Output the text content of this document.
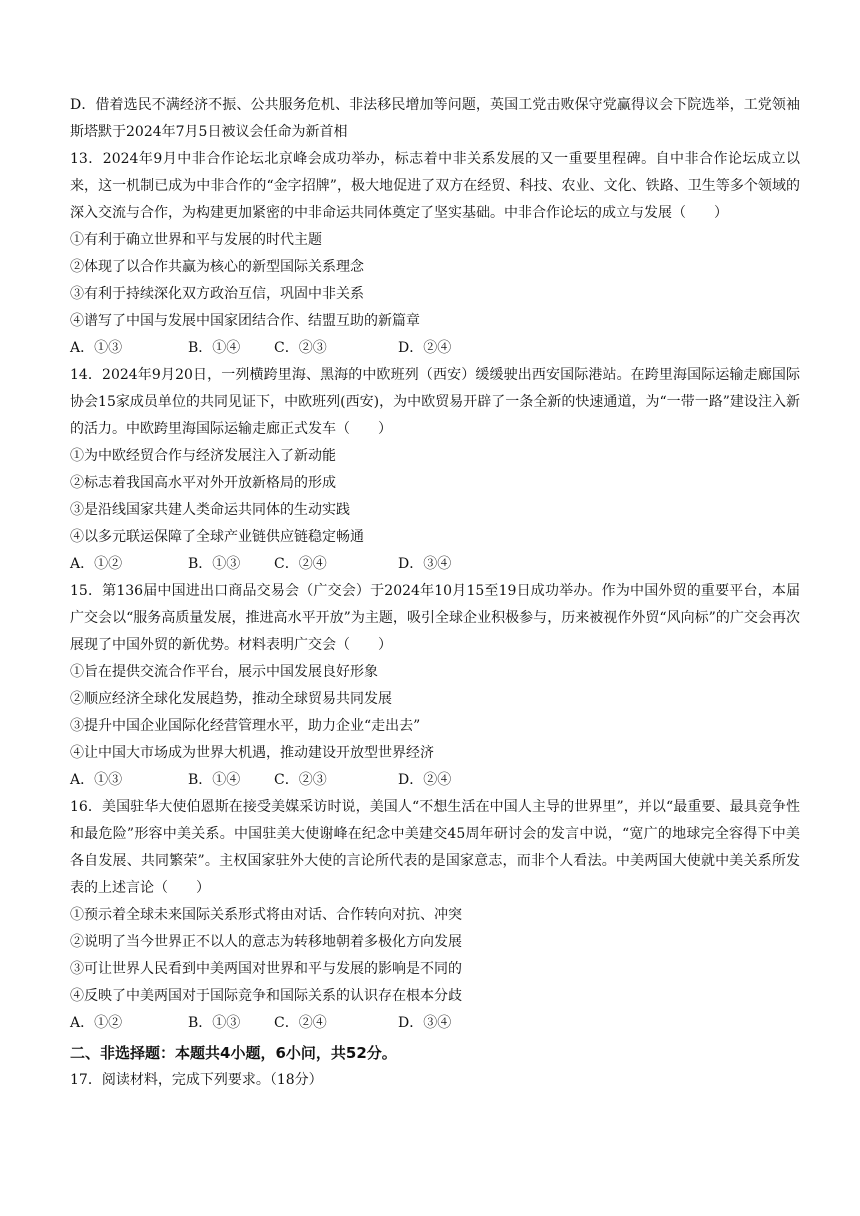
D．借着选民不满经济不振、公共服务危机、非法移民增加等问题，英国工党击败保守党赢得议会下院选举，工党领袖斯塔默于2024年7月5日被议会任命为新首相

13．2024年9月中非合作论坛北京峰会成功举办，标志着中非关系发展的又一重要里程碑。自中非合作论坛成立以来，这一机制已成为中非合作的“金字招牌”，极大地促进了双方在经贸、科技、农业、文化、铁路、卫生等多个领域的深入交流与合作，为构建更加紧密的中非命运共同体奠定了坚实基础。中非合作论坛的成立与发展（　　）

①有利于确立世界和平与发展的时代主题

②体现了以合作共赢为核心的新型国际关系理念

③有利于持续深化双方政治互信，巩固中非关系

④谱写了中国与发展中国家团结合作、结盟互助的新篇章

A．①③	B．①④ C．②③	D．②④

14．2024年9月20日，一列横跨里海、黑海的中欧班列（西安）缓缓驶出西安国际港站。在跨里海国际运输走廊国际协会15家成员单位的共同见证下，中欧班列(西安)，为中欧贸易开辟了一条全新的快速通道，为“一带一路”建设注入新的活力。中欧跨里海国际运输走廊正式发车（　　）

①为中欧经贸合作与经济发展注入了新动能

②标志着我国高水平对外开放新格局的形成

③是沿线国家共建人类命运共同体的生动实践

④以多元联运保障了全球产业链供应链稳定畅通

A．①②	B．①③ C．②④	D．③④

15．第136届中国进出口商品交易会（广交会）于2024年10月15至19日成功举办。作为中国外贸的重要平台，本届广交会以“服务高质量发展，推进高水平开放”为主题，吸引全球企业积极参与，历来被视作外贸“风向标”的广交会再次展现了中国外贸的新优势。材料表明广交会（　　）

①旨在提供交流合作平台，展示中国发展良好形象

②顺应经济全球化发展趋势，推动全球贸易共同发展

③提升中国企业国际化经营管理水平，助力企业“走出去”

④让中国大市场成为世界大机遇，推动建设开放型世界经济

A．①③	B．①④ C．②③	D．②④

16．美国驻华大使伯恩斯在接受美媒采访时说，美国人“不想生活在中国人主导的世界里”，并以“最重要、最具竞争性和最危险”形容中美关系。中国驻美大使谢峰在纪念中美建交45周年研讨会的发言中说，“宽广的地球完全容得下中美各自发展、共同繁荣”。主权国家驻外大使的言论所代表的是国家意志，而非个人看法。中美两国大使就中美关系所发表的上述言论（　　）

①预示着全球未来国际关系形式将由对话、合作转向对抗、冲突

②说明了当今世界正不以人的意志为转移地朝着多极化方向发展

③可让世界人民看到中美两国对世界和平与发展的影响是不同的

④反映了中美两国对于国际竞争和国际关系的认识存在根本分歧

A．①②	B．①③ C．②④	D．③④

二、非选择题：本题共4小题，6小问，共52分。

17．阅读材料，完成下列要求。（18分）
